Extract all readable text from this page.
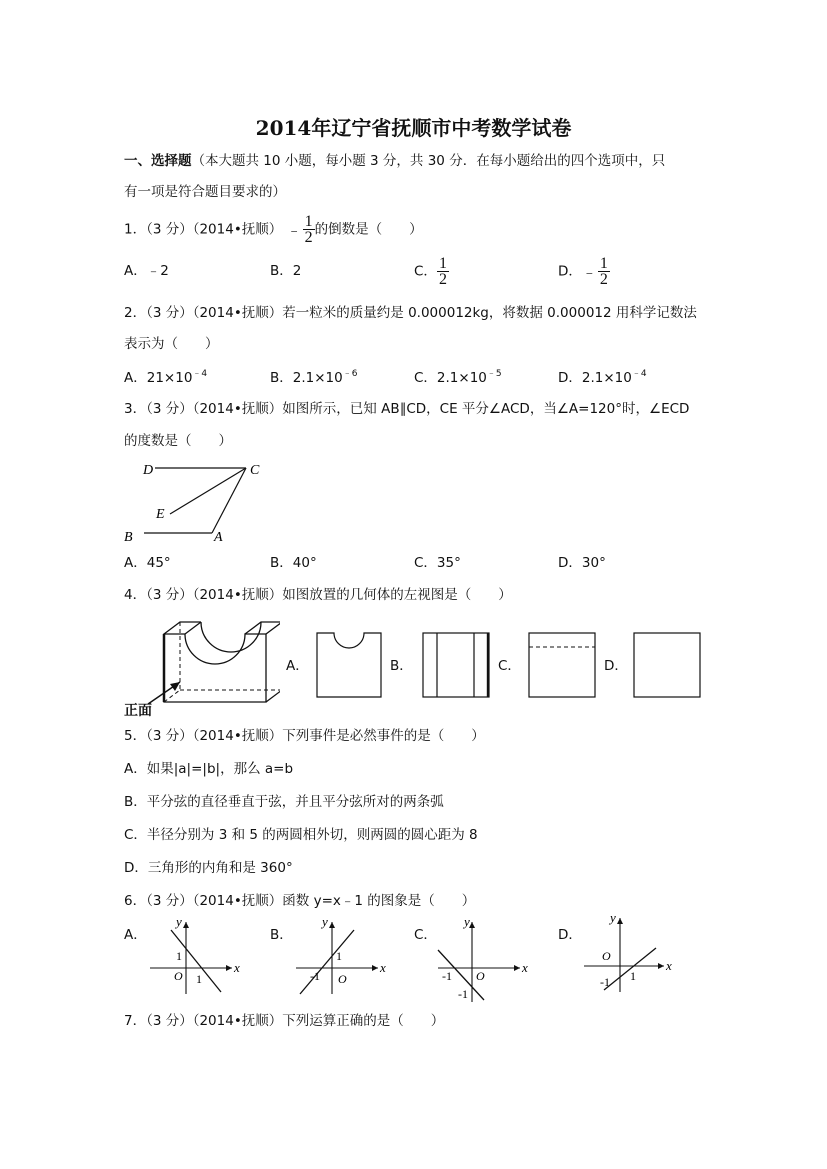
2014年辽宁省抚顺市中考数学试卷
一、选择题（本大题共 10 小题，每小题 3 分，共 30 分．在每小题给出的四个选项中，只
有一项是符合题目要求的）
1．（3 分）（2014•抚顺） ﹣ $\frac{1}{2}$ 的倒数是（　　）
A．﹣2	B．2	C． $\frac{1}{2}$	D．﹣ $\frac{1}{2}$
2．（3 分）（2014•抚顺）若一粒米的质量约是 0.000012kg，将数据 0.000012 用科学记数法
表示为（　　）
A．$21\times 10^{﹣4}$	B．$2.1\times 10^{﹣6}$	C．$2.1\times 10^{﹣5}$	D．$2.1\times 10^{﹣4}$
3．（3 分）（2014•抚顺）如图所示，已知 AB∥CD，CE 平分∠ACD，当∠A=120°时，∠ECD
的度数是（　　）
D	C
E
B	A
A．45°	B．40°	C．35°	D．30°
4．（3 分）（2014•抚顺）如图放置的几何体的左视图是（　　）
正面
A．	B．	C．	D．
5．（3 分）（2014•抚顺）下列事件是必然事件的是（　　）
A．如果|a|=|b|，那么 a=b
B．平分弦的直径垂直于弦，并且平分弦所对的两条弧
C．半径分别为 3 和 5 的两圆相外切，则两圆的圆心距为 8
D．三角形的内角和是 360°
6．（3 分）（2014•抚顺）函数 y=x﹣1 的图象是（　　）
A．
x
y
O
1
1
B．
x
y
O
1
-1
C．
x
y
O
-1
-1
D．
x
y
O
-1 1
7．（3 分）（2014•抚顺）下列运算正确的是（　　）
